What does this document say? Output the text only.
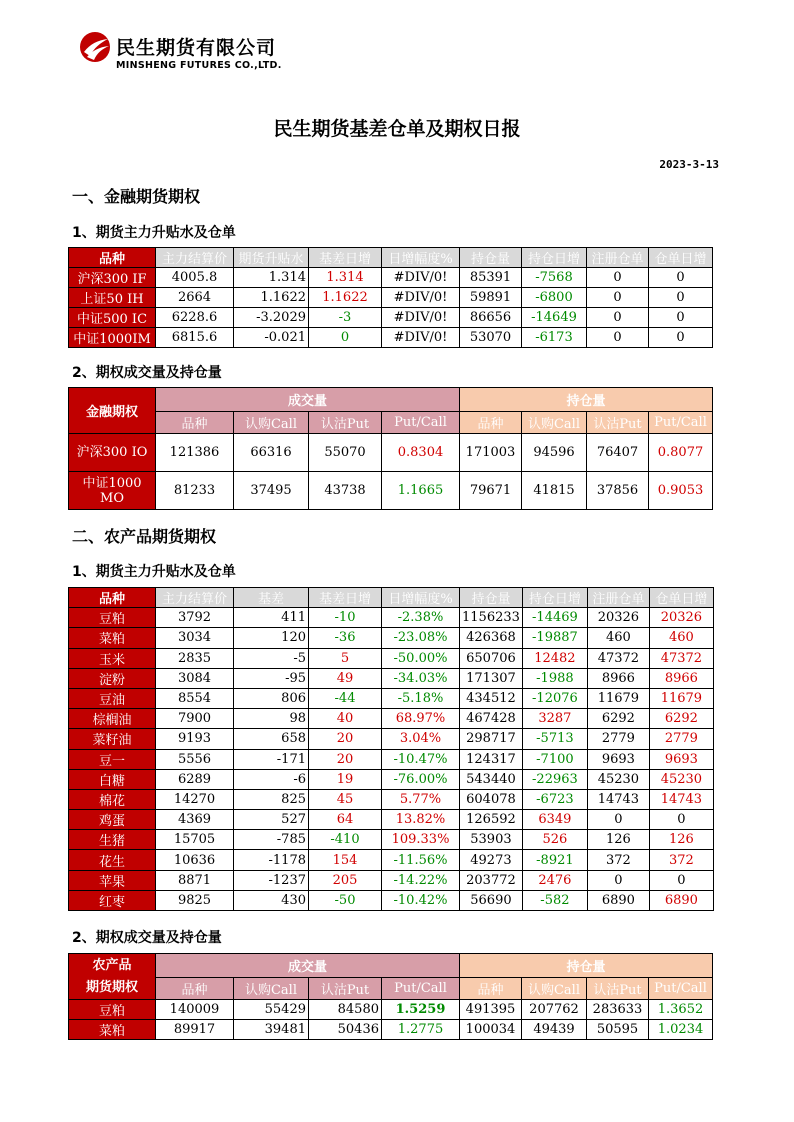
民生期货有限公司
MINSHENG FUTURES CO.,LTD.
民生期货基差仓单及期权日报
2023-3-13
一、金融期货期权
1、期货主力升贴水及仓单
品种	主力结算价	期货升贴水	基差日增	日增幅度%	持仓量	持仓日增	注册仓单	仓单日增
沪深300 IF	4005.8	1.314	1.314	#DIV/0!	85391	-7568	0	0
上证50 IH	2664	1.1622	1.1622	#DIV/0!	59891	-6800	0	0
中证500 IC	6228.6	-3.2029	-3	#DIV/0!	86656	-14649	0	0
中证1000IM	6815.6	-0.021	0	#DIV/0!	53070	-6173	0	0
2、期权成交量及持仓量
金融期权	成交量				持仓量			
	品种	认购Call	认沽Put	Put/Call	品种	认购Call	认沽Put	Put/Call
沪深300 IO	121386	66316	55070	0.8304	171003	94596	76407	0.8077
中证1000 MO	81233	37495	43738	1.1665	79671	41815	37856	0.9053
二、农产品期货期权
1、期货主力升贴水及仓单
品种	主力结算价	基差	基差日增	日增幅度%	持仓量	持仓日增	注册仓单	仓单日增
豆粕	3792	411	-10	-2.38%	1156233	-14469	20326	20326
菜粕	3034	120	-36	-23.08%	426368	-19887	460	460
玉米	2835	-5	5	-50.00%	650706	12482	47372	47372
淀粉	3084	-95	49	-34.03%	171307	-1988	8966	8966
豆油	8554	806	-44	-5.18%	434512	-12076	11679	11679
棕榈油	7900	98	40	68.97%	467428	3287	6292	6292
菜籽油	9193	658	20	3.04%	298717	-5713	2779	2779
豆一	5556	-171	20	-10.47%	124317	-7100	9693	9693
白糖	6289	-6	19	-76.00%	543440	-22963	45230	45230
棉花	14270	825	45	5.77%	604078	-6723	14743	14743
鸡蛋	4369	527	64	13.82%	126592	6349	0	0
生猪	15705	-785	-410	109.33%	53903	526	126	126
花生	10636	-1178	154	-11.56%	49273	-8921	372	372
苹果	8871	-1237	205	-14.22%	203772	2476	0	0
红枣	9825	430	-50	-10.42%	56690	-582	6890	6890
2、期权成交量及持仓量
农产品
期货期权	成交量				持仓量			
	品种	认购Call	认沽Put	Put/Call	品种	认购Call	认沽Put	Put/Call
豆粕	140009	55429	84580	1.5259	491395	207762	283633	1.3652
菜粕	89917	39481	50436	1.2775	100034	49439	50595	1.0234
